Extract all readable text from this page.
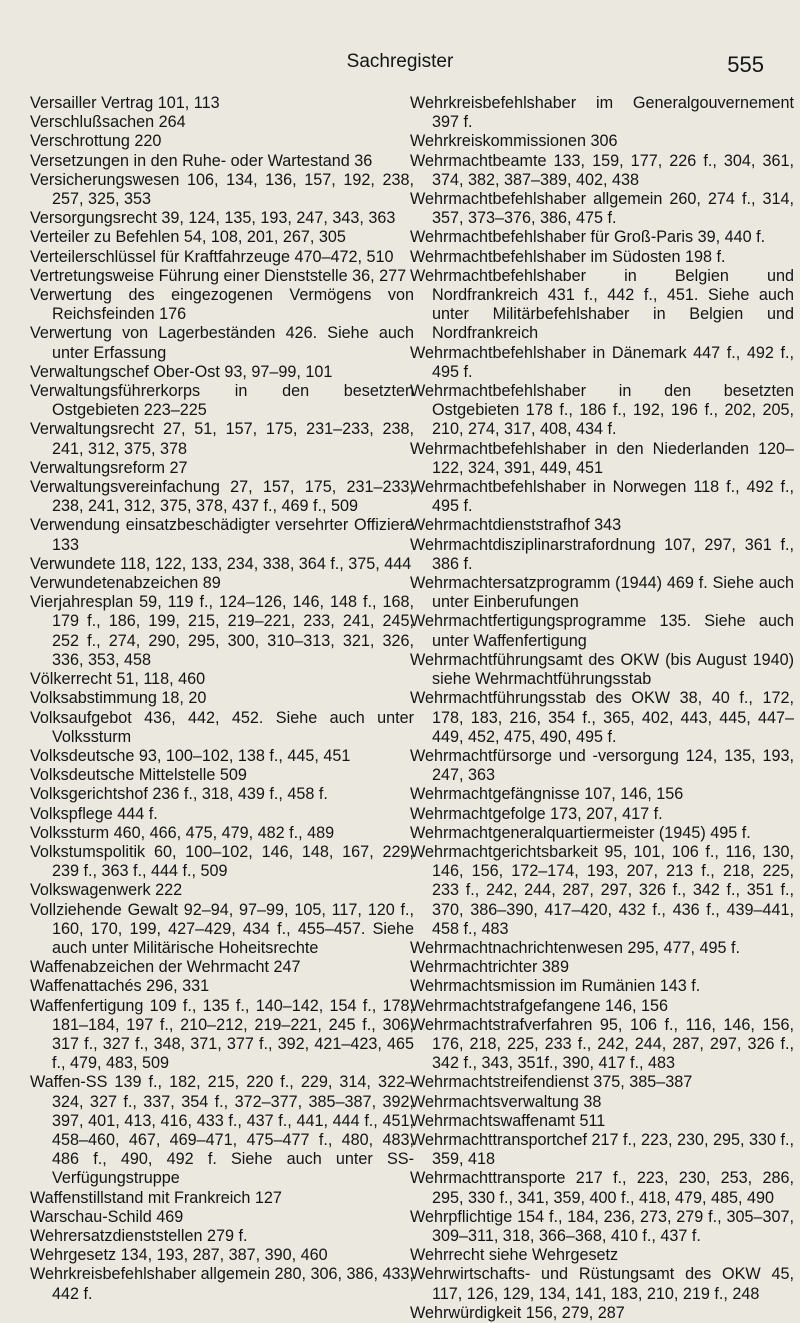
Sachregister	555

Versailler Vertrag 101, 113

Verschlußsachen 264

Verschrottung 220

Versetzungen in den Ruhe- oder Wartestand 36

Versicherungswesen 106, 134, 136, 157, 192, 238, 257, 325, 353

Versorgungsrecht 39, 124, 135, 193, 247, 343, 363

Verteiler zu Befehlen 54, 108, 201, 267, 305

Verteilerschlüssel für Kraftfahrzeuge 470–472, 510

Vertretungsweise Führung einer Dienststelle 36, 277

Verwertung des eingezogenen Vermögens von Reichsfeinden 176

Verwertung von Lagerbeständen 426. Siehe auch unter Erfassung

Verwaltungschef Ober-Ost 93, 97–99, 101

Verwaltungsführerkorps in den besetzten Ostgebieten 223–225

Verwaltungsrecht 27, 51, 157, 175, 231–233, 238, 241, 312, 375, 378

Verwaltungsreform 27

Verwaltungsvereinfachung 27, 157, 175, 231–233, 238, 241, 312, 375, 378, 437 f., 469 f., 509

Verwendung einsatzbeschädigter versehrter Offiziere 133

Verwundete 118, 122, 133, 234, 338, 364 f., 375, 444

Verwundetenabzeichen 89

Vierjahresplan 59, 119 f., 124–126, 146, 148 f., 168, 179 f., 186, 199, 215, 219–221, 233, 241, 245, 252 f., 274, 290, 295, 300, 310–313, 321, 326, 336, 353, 458

Völkerrecht 51, 118, 460

Volksabstimmung 18, 20

Volksaufgebot 436, 442, 452. Siehe auch unter Volkssturm

Volksdeutsche 93, 100–102, 138 f., 445, 451

Volksdeutsche Mittelstelle 509

Volksgerichtshof 236 f., 318, 439 f., 458 f.

Volkspflege 444 f.

Volkssturm 460, 466, 475, 479, 482 f., 489

Volkstumspolitik 60, 100–102, 146, 148, 167, 229, 239 f., 363 f., 444 f., 509

Volkswagenwerk 222

Vollziehende Gewalt 92–94, 97–99, 105, 117, 120 f., 160, 170, 199, 427–429, 434 f., 455–457. Siehe auch unter Militärische Hoheitsrechte

Waffenabzeichen der Wehrmacht 247

Waffenattachés 296, 331

Waffenfertigung 109 f., 135 f., 140–142, 154 f., 178, 181–184, 197 f., 210–212, 219–221, 245 f., 306, 317 f., 327 f., 348, 371, 377 f., 392, 421–423, 465 f., 479, 483, 509

Waffen-SS 139 f., 182, 215, 220 f., 229, 314, 322–324, 327 f., 337, 354 f., 372–377, 385–387, 392, 397, 401, 413, 416, 433 f., 437 f., 441, 444 f., 451, 458–460, 467, 469–471, 475–477 f., 480, 483, 486 f., 490, 492 f. Siehe auch unter SS-Verfügungstruppe

Waffenstillstand mit Frankreich 127

Warschau-Schild 469

Wehrersatzdienststellen 279 f.

Wehrgesetz 134, 193, 287, 387, 390, 460

Wehrkreisbefehlshaber allgemein 280, 306, 386, 433, 442 f.

Wehrkreisbefehlshaber im Generalgouvernement 397 f.

Wehrkreiskommissionen 306

Wehrmachtbeamte 133, 159, 177, 226 f., 304, 361, 374, 382, 387–389, 402, 438

Wehrmachtbefehlshaber allgemein 260, 274 f., 314, 357, 373–376, 386, 475 f.

Wehrmachtbefehlshaber für Groß-Paris 39, 440 f.

Wehrmachtbefehlshaber im Südosten 198 f.

Wehrmachtbefehlshaber in Belgien und Nordfrankreich 431 f., 442 f., 451. Siehe auch unter Militärbefehlshaber in Belgien und Nordfrankreich

Wehrmachtbefehlshaber in Dänemark 447 f., 492 f., 495 f.

Wehrmachtbefehlshaber in den besetzten Ostgebieten 178 f., 186 f., 192, 196 f., 202, 205, 210, 274, 317, 408, 434 f.

Wehrmachtbefehlshaber in den Niederlanden 120–122, 324, 391, 449, 451

Wehrmachtbefehlshaber in Norwegen 118 f., 492 f., 495 f.

Wehrmachtdienststrafhof 343

Wehrmachtdisziplinarstrafordnung 107, 297, 361 f., 386 f.

Wehrmachtersatzprogramm (1944) 469 f. Siehe auch unter Einberufungen

Wehrmachtfertigungsprogramme 135. Siehe auch unter Waffenfertigung

Wehrmachtführungsamt des OKW (bis August 1940) siehe Wehrmachtführungsstab

Wehrmachtführungsstab des OKW 38, 40 f., 172, 178, 183, 216, 354 f., 365, 402, 443, 445, 447–449, 452, 475, 490, 495 f.

Wehrmachtfürsorge und -versorgung 124, 135, 193, 247, 363

Wehrmachtgefängnisse 107, 146, 156

Wehrmachtgefolge 173, 207, 417 f.

Wehrmachtgeneralquartiermeister (1945) 495 f.

Wehrmachtgerichtsbarkeit 95, 101, 106 f., 116, 130, 146, 156, 172–174, 193, 207, 213 f., 218, 225, 233 f., 242, 244, 287, 297, 326 f., 342 f., 351 f., 370, 386–390, 417–420, 432 f., 436 f., 439–441, 458 f., 483

Wehrmachtnachrichtenwesen 295, 477, 495 f.

Wehrmachtrichter 389

Wehrmachtsmission im Rumänien 143 f.

Wehrmachtstrafgefangene 146, 156

Wehrmachtstrafverfahren 95, 106 f., 116, 146, 156, 176, 218, 225, 233 f., 242, 244, 287, 297, 326 f., 342 f., 343, 351f., 390, 417 f., 483

Wehrmachtstreifendienst 375, 385–387

Wehrmachtsverwaltung 38

Wehrmachtswaffenamt 511

Wehrmachttransportchef 217 f., 223, 230, 295, 330 f., 359, 418

Wehrmachttransporte 217 f., 223, 230, 253, 286, 295, 330 f., 341, 359, 400 f., 418, 479, 485, 490

Wehrpflichtige 154 f., 184, 236, 273, 279 f., 305–307, 309–311, 318, 366–368, 410 f., 437 f.

Wehrrecht siehe Wehrgesetz

Wehrwirtschafts- und Rüstungsamt des OKW 45, 117, 126, 129, 134, 141, 183, 210, 219 f., 248

Wehrwürdigkeit 156, 279, 287
